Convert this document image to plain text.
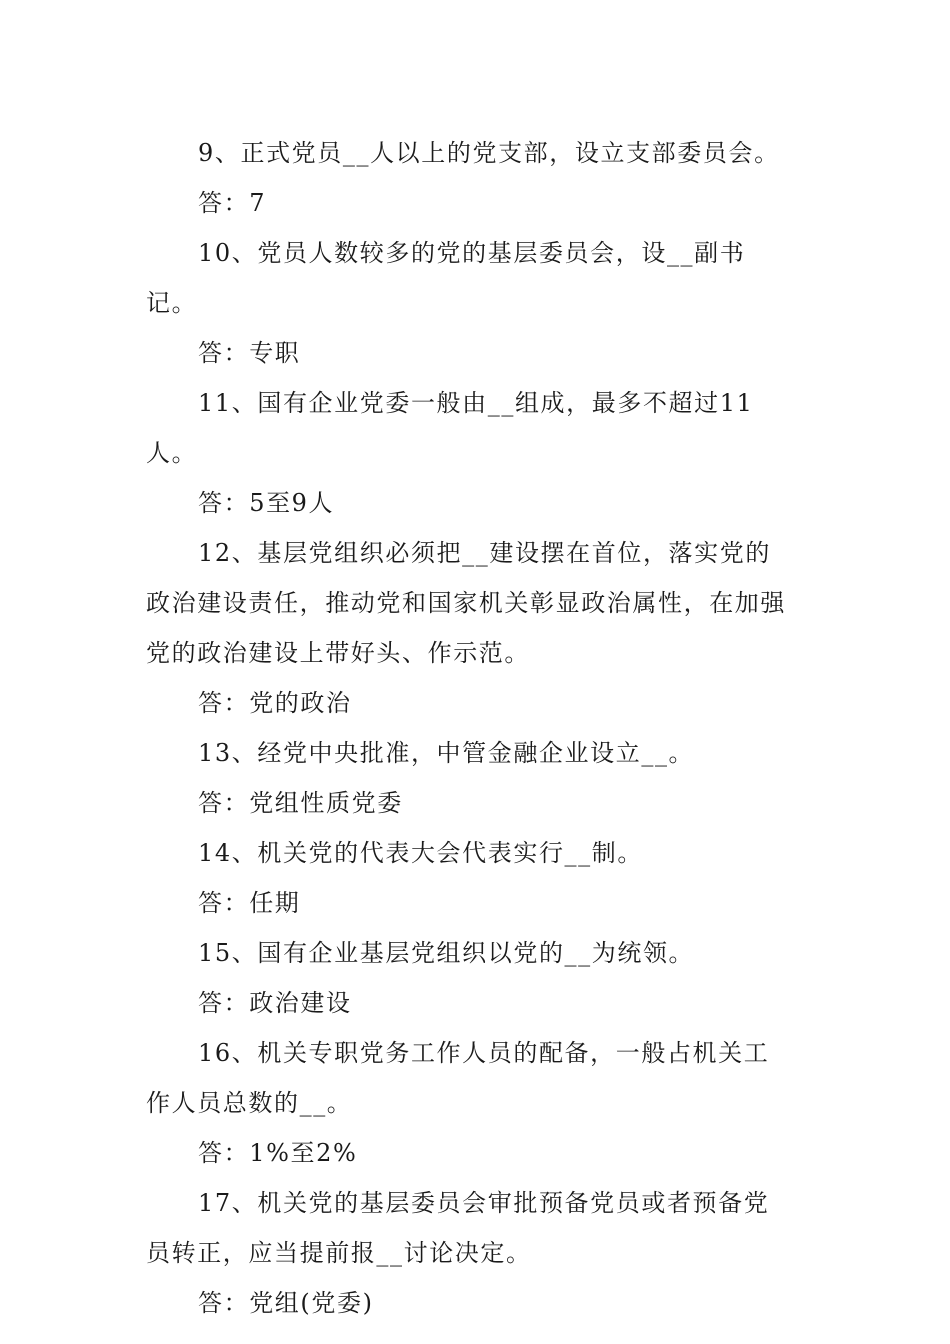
9、正式党员__人以上的党支部，设立支部委员会。

答：7

10、党员人数较多的党的基层委员会，设__副书记。

答：专职

11、国有企业党委一般由__组成，最多不超过11人。

答：5至9人

12、基层党组织必须把__建设摆在首位，落实党的政治建设责任，推动党和国家机关彰显政治属性，在加强党的政治建设上带好头、作示范。

答：党的政治

13、经党中央批准，中管金融企业设立__。

答：党组性质党委

14、机关党的代表大会代表实行__制。

答：任期

15、国有企业基层党组织以党的__为统领。

答：政治建设

16、机关专职党务工作人员的配备，一般占机关工作人员总数的__。

答：1%至2%

17、机关党的基层委员会审批预备党员或者预备党员转正，应当提前报__讨论决定。

答：党组(党委)
